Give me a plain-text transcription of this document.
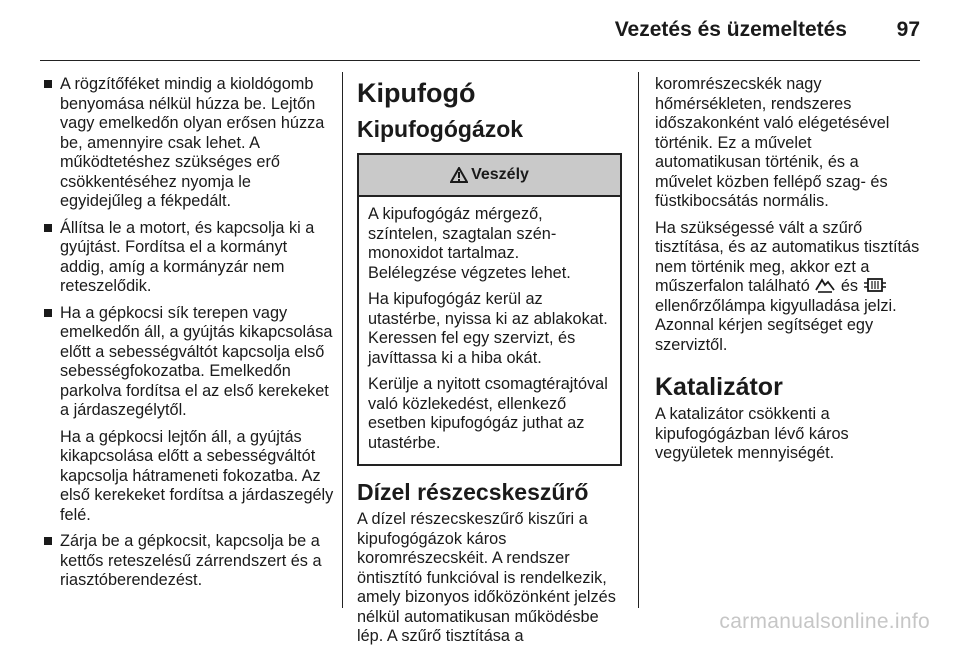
Vezetés és üzemeltetés 97
A rögzítőféket mindig a kioldógomb benyomása nélkül húzza be. Lejtőn vagy emelkedőn olyan erősen húzza be, amennyire csak lehet. A működtetéshez szükséges erő csökkentéséhez nyomja le egyidejűleg a fékpedált.
Állítsa le a motort, és kapcsolja ki a gyújtást. Fordítsa el a kormányt addig, amíg a kormányzár nem reteszelődik.
Ha a gépkocsi sík terepen vagy emelkedőn áll, a gyújtás kikapcsolása előtt a sebességváltót kapcsolja első sebességfokozatba. Emelkedőn parkolva fordítsa el az első kerekeket a járdaszegélytől.
Ha a gépkocsi lejtőn áll, a gyújtás kikapcsolása előtt a sebességváltót kapcsolja hátrameneti fokozatba. Az első kerekeket fordítsa a járdaszegély felé.
Zárja be a gépkocsit, kapcsolja be a kettős reteszelésű zárrendszert és a riasztóberendezést.
Kipufogó
Kipufogógázok
Veszély
A kipufogógáz mérgező, színtelen, szagtalan szén-monoxidot tartalmaz. Belélegzése végzetes lehet.
Ha kipufogógáz kerül az utastérbe, nyissa ki az ablakokat. Keressen fel egy szervizt, és javíttassa ki a hiba okát.
Kerülje a nyitott csomagtérajtóval való közlekedést, ellenkező esetben kipufogógáz juthat az utastérbe.
Dízel részecskeszűrő
A dízel részecskeszűrő kiszűri a kipufogógázok káros koromrészecskéit. A rendszer öntisztító funkcióval is rendelkezik, amely bizonyos időközönként jelzés nélkül automatikusan működésbe lép. A szűrő tisztítása a
koromrészecskék nagy hőmérsékleten, rendszeres időszakonként való elégetésével történik. Ez a művelet automatikusan történik, és a művelet közben fellépő szag- és füstkibocsátás normális.
Ha szükségessé vált a szűrő tisztítása, és az automatikus tisztítás nem történik meg, akkor ezt a műszerfalon található és  ellenőrzőlámpa kigyulladása jelzi. Azonnal kérjen segítséget egy szerviztől.
Katalizátor
A katalizátor csökkenti a kipufogógázban lévő káros vegyületek mennyiségét.
carmanualsonline.info
